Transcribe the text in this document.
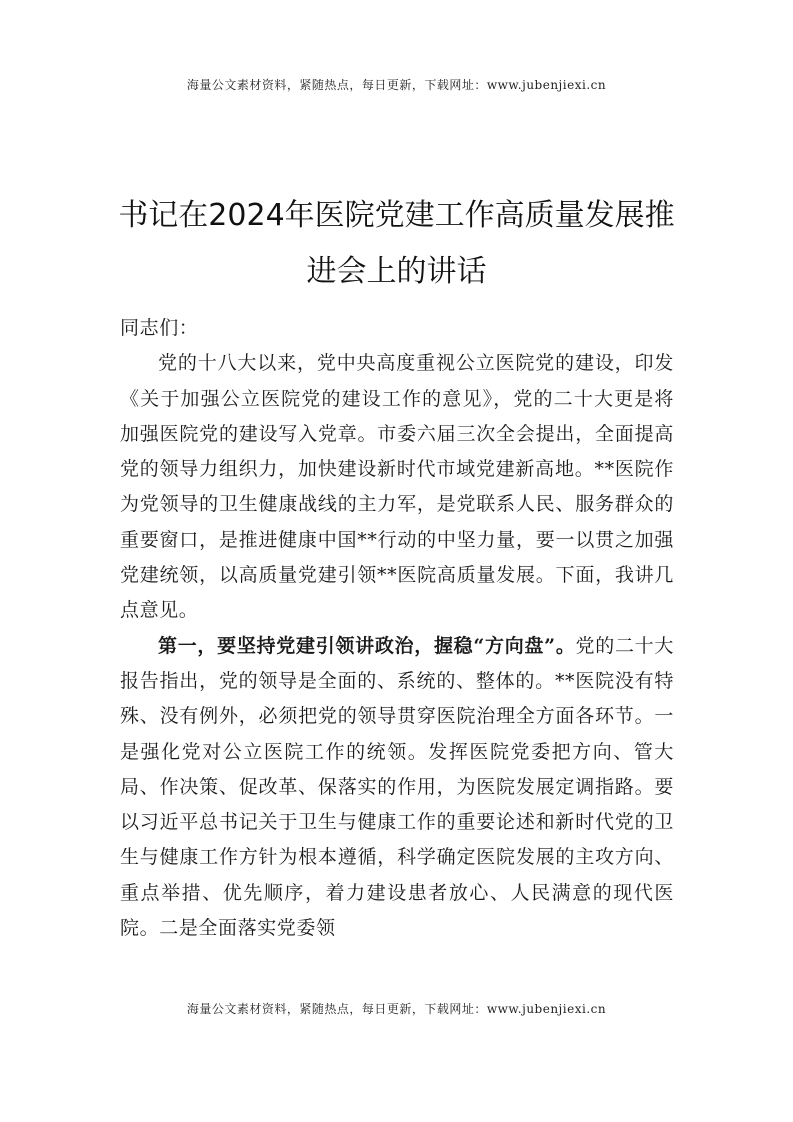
海量公文素材资料，紧随热点，每日更新，下载网址：www.jubenjiexi.cn
书记在2024年医院党建工作高质量发展推
进会上的讲话

同志们：

党的十八大以来，党中央高度重视公立医院党的建设，印发《关于加强公立医院党的建设工作的意见》，党的二十大更是将加强医院党的建设写入党章。市委六届三次全会提出，全面提高党的领导力组织力，加快建设新时代市域党建新高地。**医院作为党领导的卫生健康战线的主力军，是党联系人民、服务群众的重要窗口，是推进健康中国**行动的中坚力量，要一以贯之加强党建统领，以高质量党建引领**医院高质量发展。下面，我讲几点意见。

第一，要坚持党建引领讲政治，握稳“方向盘”。党的二十大报告指出，党的领导是全面的、系统的、整体的。**医院没有特殊、没有例外，必须把党的领导贯穿医院治理全方面各环节。一是强化党对公立医院工作的统领。发挥医院党委把方向、管大局、作决策、促改革、保落实的作用，为医院发展定调指路。要以习近平总书记关于卫生与健康工作的重要论述和新时代党的卫生与健康工作方针为根本遵循，科学确定医院发展的主攻方向、重点举措、优先顺序，着力建设患者放心、人民满意的现代医院。二是全面落实党委领

海量公文素材资料，紧随热点，每日更新，下载网址：www.jubenjiexi.cn
